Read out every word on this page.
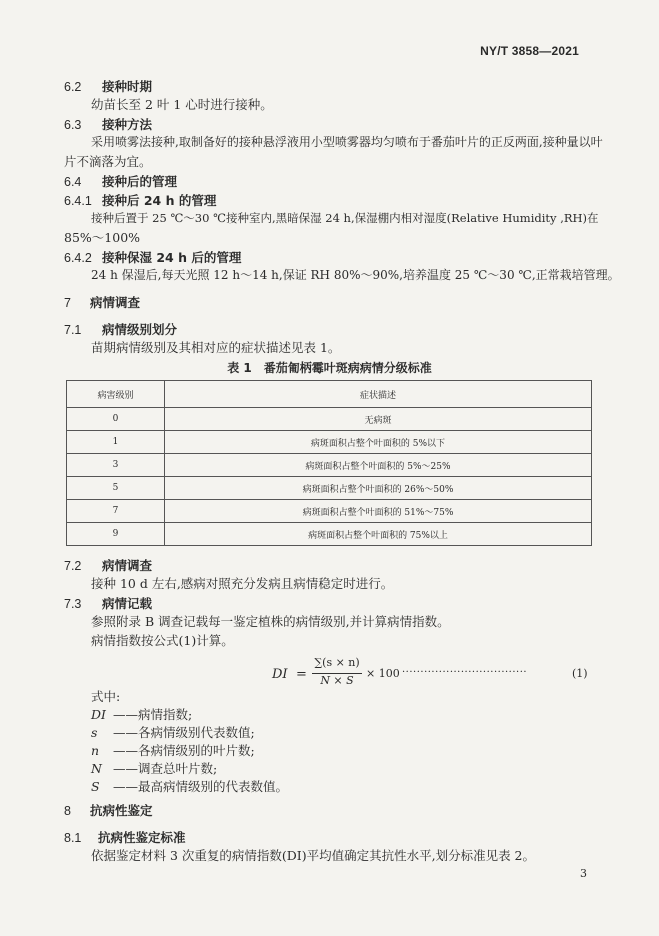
NY/T 3858—2021
6.2 接种时期
幼苗长至 2 叶 1 心时进行接种。
6.3 接种方法
采用喷雾法接种,取制备好的接种悬浮液用小型喷雾器均匀喷布于番茄叶片的正反两面,接种量以叶
片不滴落为宜。
6.4 接种后的管理
6.4.1 接种后 24 h 的管理
接种后置于 25 ℃～30 ℃接种室内,黑暗保湿 24 h,保湿棚内相对湿度(Relative Humidity ,RH)在
85%～100%
6.4.2 接种保湿 24 h 后的管理
24 h 保湿后,每天光照 12 h～14 h,保证 RH 80%～90%,培养温度 25 ℃～30 ℃,正常栽培管理。
7 病情调查
7.1 病情级别划分
苗期病情级别及其相对应的症状描述见表 1。
表 1　番茄匍柄霉叶斑病病情分级标准
病害级别	症状描述
0	无病斑
1	病斑面积占整个叶面积的 5%以下
3	病斑面积占整个叶面积的 5%～25%
5	病斑面积占整个叶面积的 26%～50%
7	病斑面积占整个叶面积的 51%～75%
9	病斑面积占整个叶面积的 75%以上
7.2 病情调查
接种 10 d 左右,感病对照充分发病且病情稳定时进行。
7.3 病情记载
参照附录 B 调查记载每一鉴定植株的病情级别,并计算病情指数。
病情指数按公式(1)计算。
DI =
∑(s × n)
N × S
× 100 ··································	(1)
式中:
DI ——病情指数;
s ——各病情级别代表数值;
n ——各病情级别的叶片数;
N ——调查总叶片数;
S ——最高病情级别的代表数值。
8 抗病性鉴定
8.1 抗病性鉴定标准
依据鉴定材料 3 次重复的病情指数(DI)平均值确定其抗性水平,划分标准见表 2。
3
